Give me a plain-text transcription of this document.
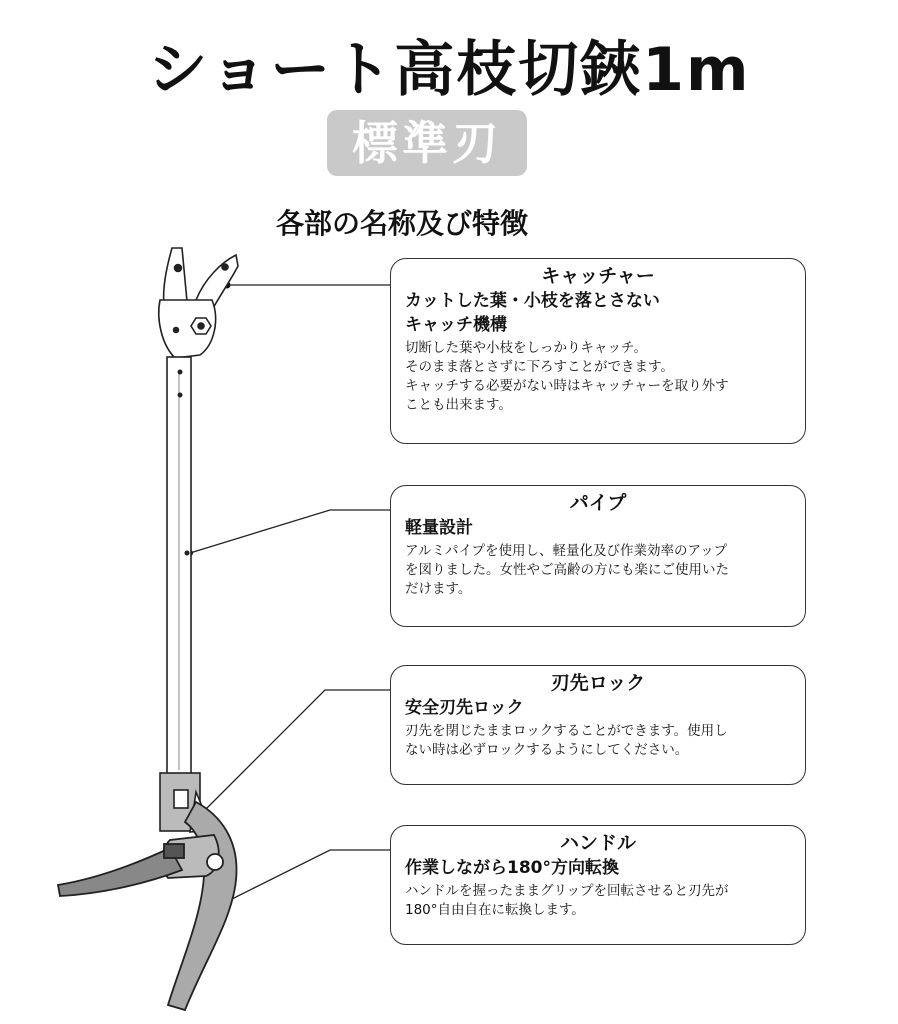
ショート高枝切鋏1m
標準刃
各部の名称及び特徴
キャッチャー
カットした葉・小枝を落とさない
キャッチ機構
切断した葉や小枝をしっかりキャッチ。
そのまま落とさずに下ろすことができます。
キャッチする必要がない時はキャッチャーを取り外す
ことも出来ます。
パイプ
軽量設計
アルミパイプを使用し、軽量化及び作業効率のアップ
を図りました。女性やご高齢の方にも楽にご使用いた
だけます。
刃先ロック
安全刃先ロック
刃先を閉じたままロックすることができます。使用し
ない時は必ずロックするようにしてください。
ハンドル
作業しながら180°方向転換
ハンドルを握ったままグリップを回転させると刃先が
180°自由自在に転換します。
